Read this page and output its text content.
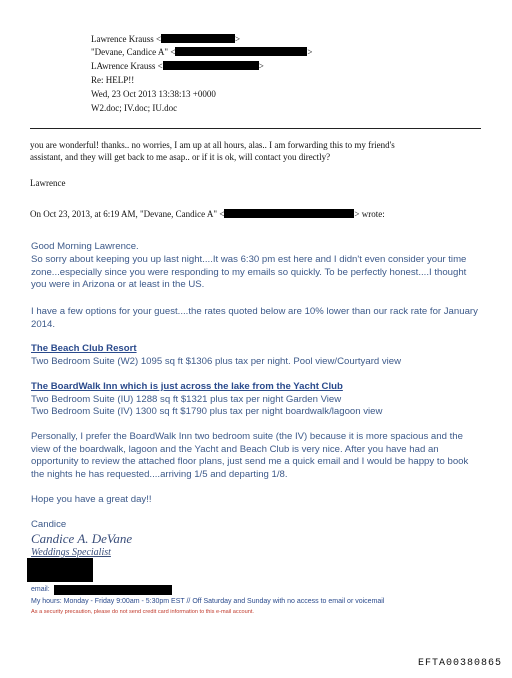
Lawrence Krauss <	>
"Devane, Candice A" <	>
LAwrence Krauss <	>
Re: HELP!!
Wed, 23 Oct 2013 13:38:13 +0000
W2.doc; IV.doc; IU.doc
you are wonderful! thanks.. no worries, I am up at all hours, alas.. I am forwarding this to my friend's
assistant, and they will get back to me asap.. or if it is ok, will contact you directly?
Lawrence
On Oct 23, 2013, at 6:19 AM, "Devane, Candice A" <	> wrote:
Good Morning Lawrence.
So sorry about keeping you up last night....It was 6:30 pm est here and I didn't even consider your time zone...especially since you were responding to my emails so quickly. To be perfectly honest....I thought you were in Arizona or at least in the US.
I have a few options for your guest....the rates quoted below are 10% lower than our rack rate for January 2014.
The Beach Club Resort
Two Bedroom Suite (W2) 1095 sq ft $1306 plus tax per night. Pool view/Courtyard view
The BoardWalk Inn which is just across the lake from the Yacht Club
Two Bedroom Suite (IU) 1288 sq ft $1321 plus tax per night Garden View
Two Bedroom Suite (IV) 1300 sq ft $1790 plus tax per night boardwalk/lagoon view
Personally, I prefer the BoardWalk Inn two bedroom suite (the IV) because it is more spacious and the view of the boardwalk, lagoon and the Yacht and Beach Club is very nice. After you have had an opportunity to review the attached floor plans, just send me a quick email and I would be happy to book the nights he has requested....arriving 1/5 and departing 1/8.
Hope you have a great day!!
Candice
Candice A. DeVane
Weddings Specialist
email:
My hours: Monday - Friday 9:00am - 5:30pm EST // Off Saturday and Sunday with no access to email or voicemail
As a security precaution, please do not send credit card information to this e-mail account.
EFTA00380865
